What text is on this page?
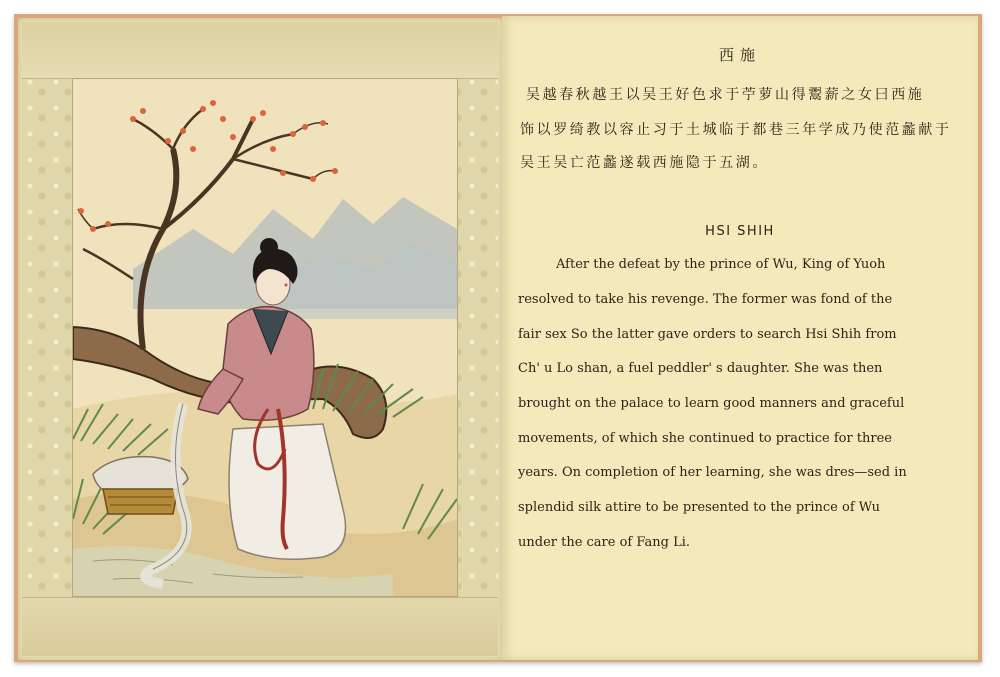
西施
吴越春秋越王以吴王好色求于苧萝山得鬻薪之女曰西施
饰以罗绮教以容止习于土城临于都巷三年学成乃使范蠡献于
吴王吴亡范蠡遂载西施隐于五湖。
HSI SHIH
After the defeat by the prince of Wu, King of Yuoh
resolved to take his revenge. The former was fond of the
fair sex So the latter gave orders to search Hsi Shih from
Ch' u Lo shan, a fuel peddler' s daughter. She was then
brought on the palace to learn good manners and graceful
movements, of which she continued to practice for three
years. On completion of her learning, she was dres—sed in
splendid silk attire to be presented to the prince of Wu
under the care of Fang Li.
